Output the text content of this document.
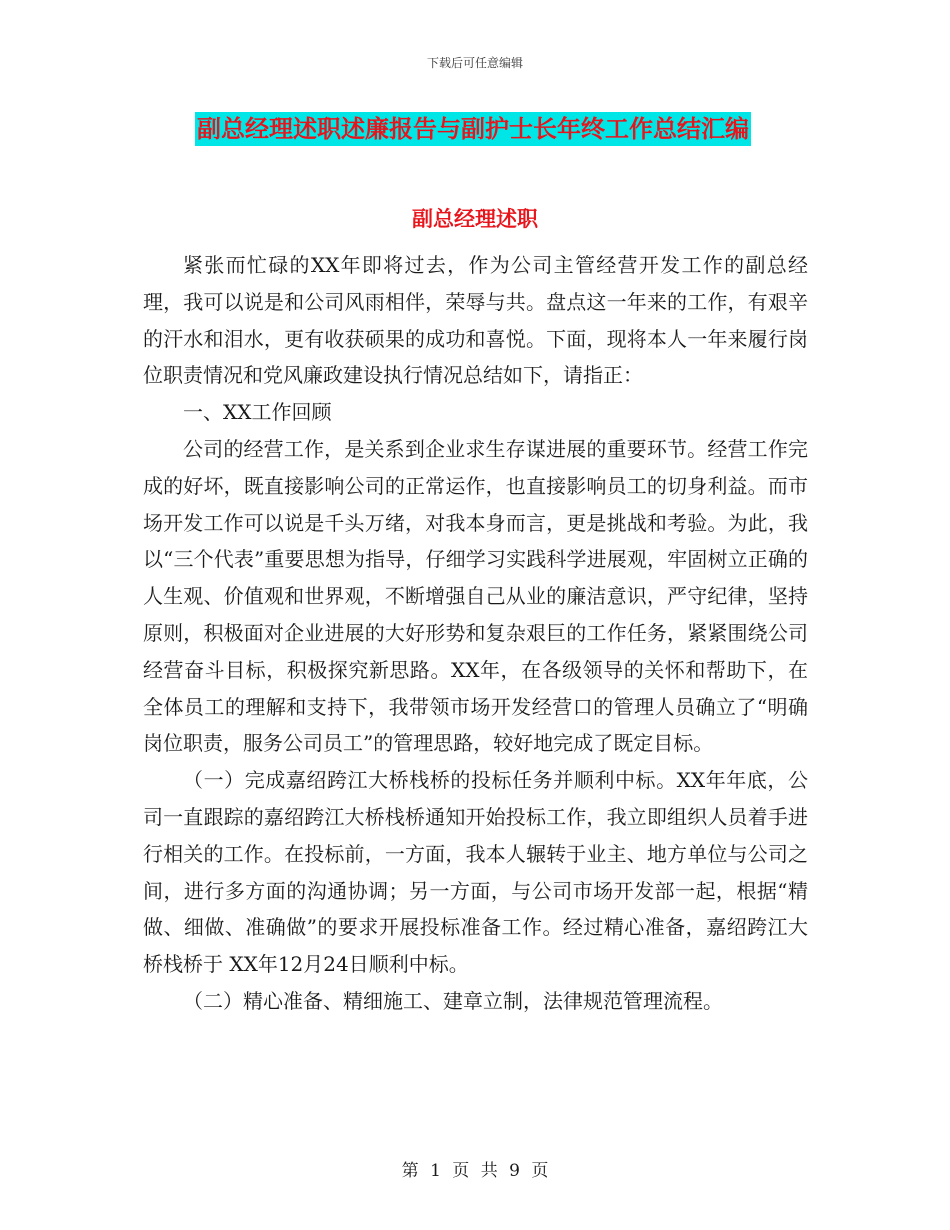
下载后可任意编辑
副总经理述职述廉报告与副护士长年终工作总结汇编
副总经理述职

紧张而忙碌的XX年即将过去，作为公司主管经营开发工作的副总经理，我可以说是和公司风雨相伴，荣辱与共。盘点这一年来的工作，有艰辛的汗水和泪水，更有收获硕果的成功和喜悦。下面，现将本人一年来履行岗位职责情况和党风廉政建设执行情况总结如下，请指正：

一、XX工作回顾

公司的经营工作，是关系到企业求生存谋进展的重要环节。经营工作完成的好坏，既直接影响公司的正常运作，也直接影响员工的切身利益。而市场开发工作可以说是千头万绪，对我本身而言，更是挑战和考验。为此，我以“三个代表”重要思想为指导，仔细学习实践科学进展观，牢固树立正确的人生观、价值观和世界观，不断增强自己从业的廉洁意识，严守纪律，坚持原则，积极面对企业进展的大好形势和复杂艰巨的工作任务，紧紧围绕公司经营奋斗目标，积极探究新思路。XX年，在各级领导的关怀和帮助下，在全体员工的理解和支持下，我带领市场开发经营口的管理人员确立了“明确岗位职责，服务公司员工”的管理思路，较好地完成了既定目标。

（一）完成嘉绍跨江大桥栈桥的投标任务并顺利中标。XX年年底，公司一直跟踪的嘉绍跨江大桥栈桥通知开始投标工作，我立即组织人员着手进行相关的工作。在投标前，一方面，我本人辗转于业主、地方单位与公司之间，进行多方面的沟通协调；另一方面，与公司市场开发部一起，根据“精做、细做、准确做”的要求开展投标准备工作。经过精心准备，嘉绍跨江大桥栈桥于 XX年12月24日顺利中标。

（二）精心准备、精细施工、建章立制，法律规范管理流程。

第 1 页 共 9 页
